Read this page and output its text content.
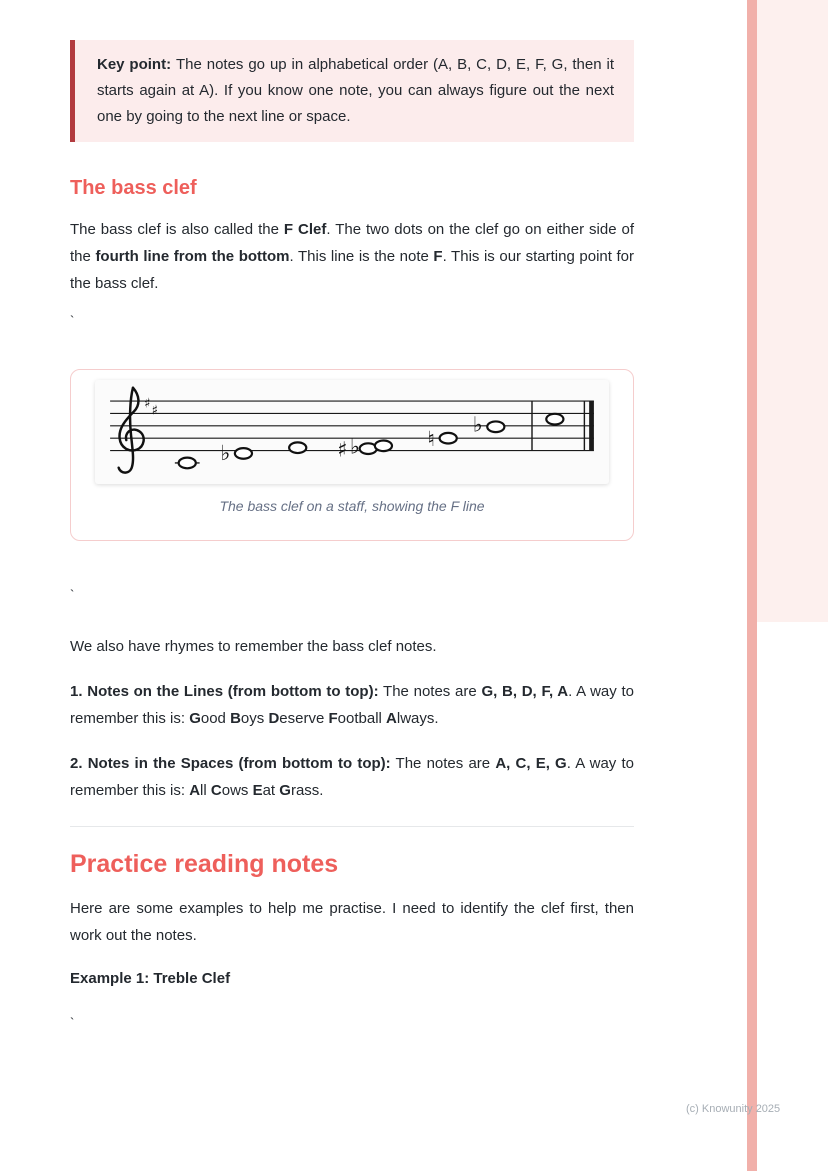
Key point: The notes go up in alphabetical order (A, B, C, D, E, F, G, then it starts again at A). If you know one note, you can always figure out the next one by going to the next line or space.

The bass clef

The bass clef is also called the F Clef. The two dots on the clef go on either side of the fourth line from the bottom. This line is the note F. This is our starting point for the bass clef.

`

♯ ♯
♭	♯ ♭	♮
♭
The bass clef on a staff, showing the F line

`

We also have rhymes to remember the bass clef notes.

1. Notes on the Lines (from bottom to top): The notes are G, B, D, F, A. A way to remember this is: Good Boys Deserve Football Always.

2. Notes in the Spaces (from bottom to top): The notes are A, C, E, G. A way to remember this is: All Cows Eat Grass.

Practice reading notes

Here are some examples to help me practise. I need to identify the clef first, then work out the notes.

Example 1: Treble Clef

`

(c) Knowunity 2025
